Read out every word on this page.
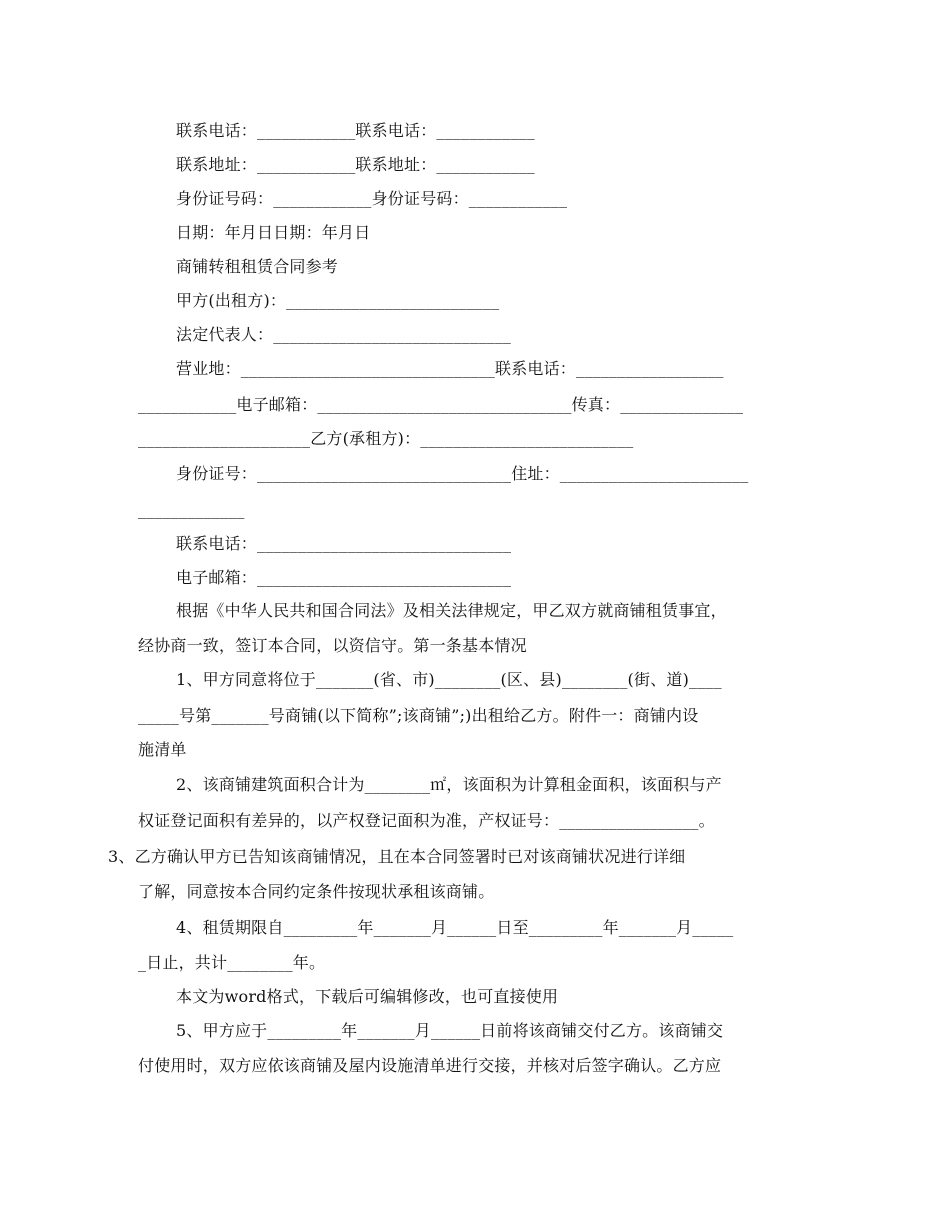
联系电话：____________联系电话：____________
联系地址：____________联系地址：____________
身份证号码：____________身份证号码：____________
日期：年月日日期：年月日
商铺转租租赁合同参考
甲方(出租方)：__________________________
法定代表人：_____________________________
营业地：_______________________________联系电话：__________________
____________电子邮箱：_______________________________传真：_______________
_____________________乙方(承租方)：__________________________
身份证号：_______________________________住址：_______________________
_____________
联系电话：_______________________________
电子邮箱：_______________________________
根据《中华人民共和国合同法》及相关法律规定，甲乙双方就商铺租赁事宜，
经协商一致，签订本合同，以资信守。第一条基本情况
1、甲方同意将位于_______(省、市)________(区、县)________(街、道)____
_____号第_______号商铺(以下简称”;该商铺”;)出租给乙方。附件一：商铺内设
施清单
2、该商铺建筑面积合计为________㎡，该面积为计算租金面积，该面积与产
权证登记面积有差异的，以产权登记面积为准，产权证号：_________________。
3、乙方确认甲方已告知该商铺情况，且在本合同签署时已对该商铺状况进行详细
了解，同意按本合同约定条件按现状承租该商铺。
4、租赁期限自_________年_______月______日至_________年_______月_____
_日止，共计________年。
本文为word格式，下载后可编辑修改，也可直接使用
5、甲方应于_________年_______月______日前将该商铺交付乙方。该商铺交
付使用时，双方应依该商铺及屋内设施清单进行交接，并核对后签字确认。乙方应
